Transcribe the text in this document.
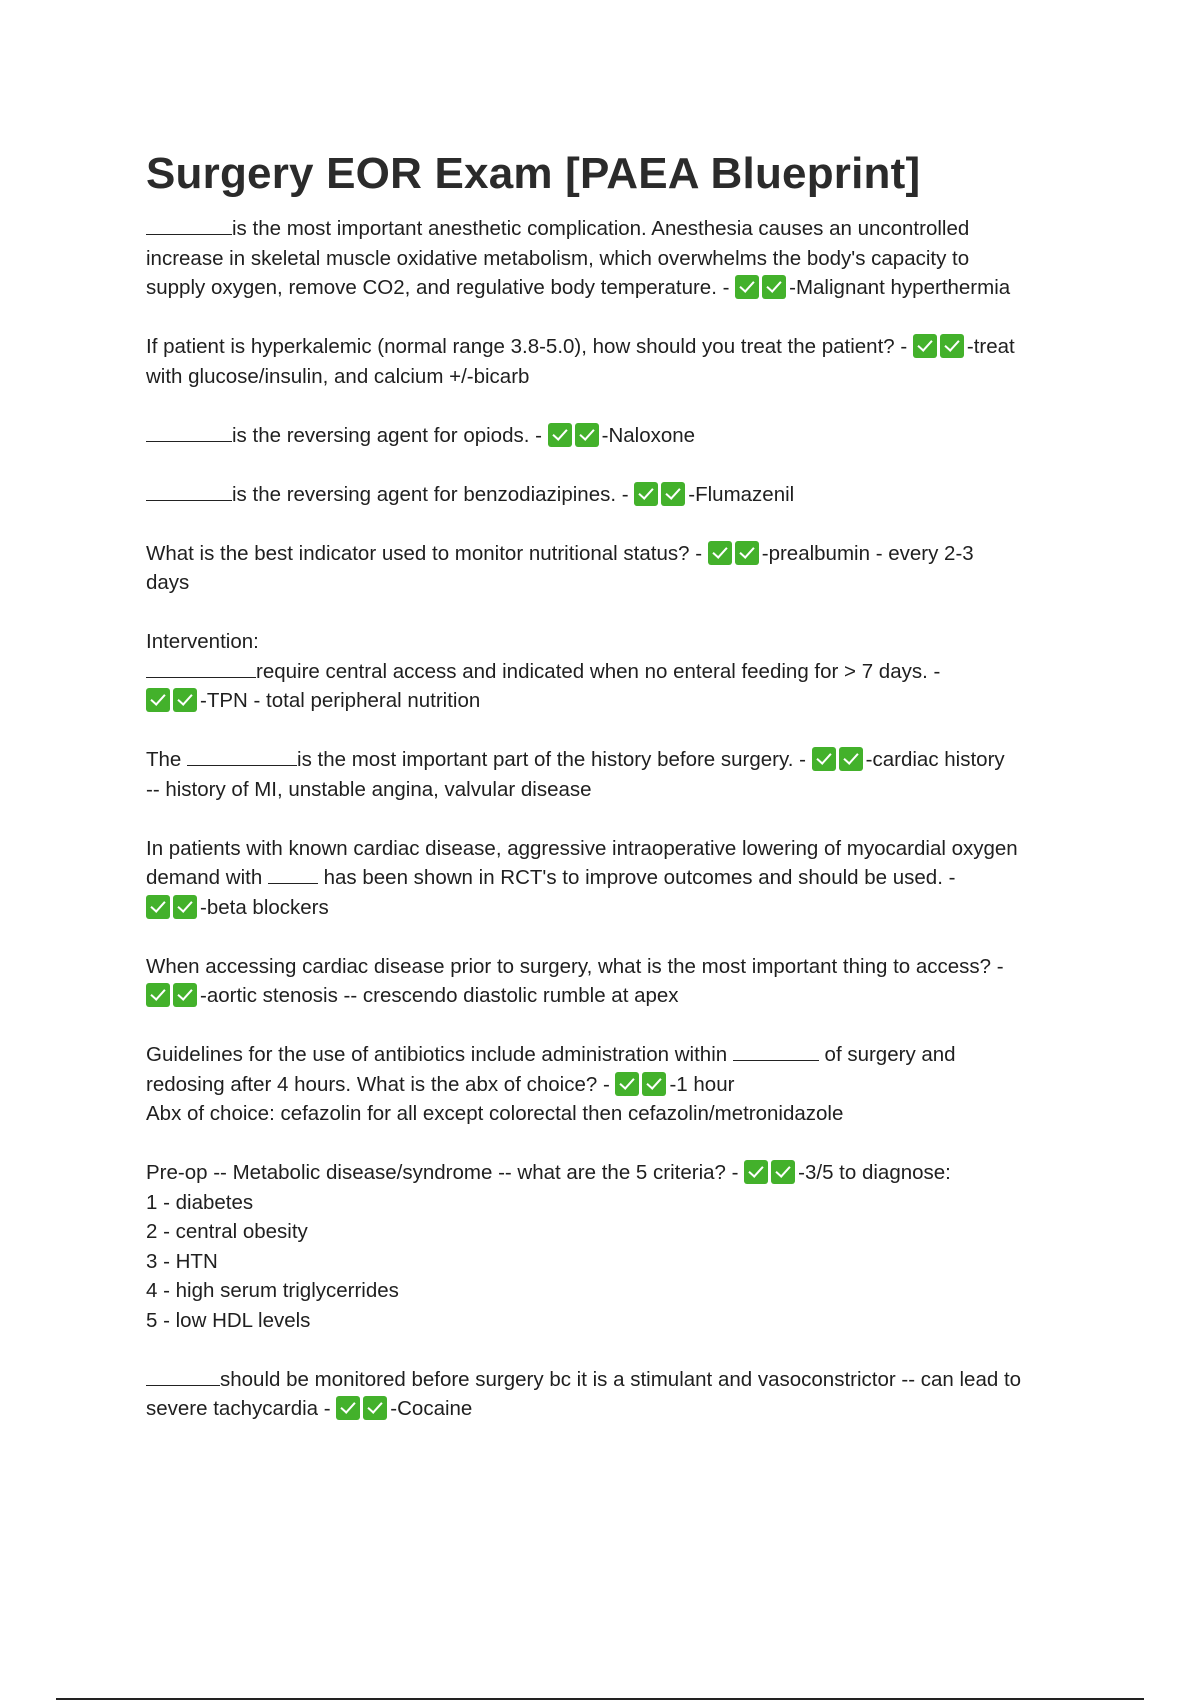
Surgery EOR Exam [PAEA Blueprint]
is the most important anesthetic complication. Anesthesia causes an uncontrolled
increase in skeletal muscle oxidative metabolism, which overwhelms the body's capacity to
supply oxygen, remove CO2, and regulative body temperature. -	-Malignant hyperthermia
If patient is hyperkalemic (normal range 3.8-5.0), how should you treat the patient? -	-treat
with glucose/insulin, and calcium +/-bicarb
is the reversing agent for opiods. -	-Naloxone
is the reversing agent for benzodiazipines. -	-Flumazenil
What is the best indicator used to monitor nutritional status? -	-prealbumin - every 2-3
days
Intervention:
require central access and indicated when no enteral feeding for > 7 days. -
-TPN - total peripheral nutrition
The	is the most important part of the history before surgery. -	-cardiac history
-- history of MI, unstable angina, valvular disease
In patients with known cardiac disease, aggressive intraoperative lowering of myocardial oxygen
demand with  has been shown in RCT's to improve outcomes and should be used. -
-beta blockers
When accessing cardiac disease prior to surgery, what is the most important thing to access? -
-aortic stenosis -- crescendo diastolic rumble at apex
Guidelines for the use of antibiotics include administration within	of surgery and
redosing after 4 hours. What is the abx of choice? -	-1 hour
Abx of choice: cefazolin for all except colorectal then cefazolin/metronidazole
Pre-op -- Metabolic disease/syndrome -- what are the 5 criteria? -	-3/5 to diagnose:
1 - diabetes
2 - central obesity
3 - HTN
4 - high serum triglycerrides
5 - low HDL levels
should be monitored before surgery bc it is a stimulant and vasoconstrictor -- can lead to
severe tachycardia -	-Cocaine
